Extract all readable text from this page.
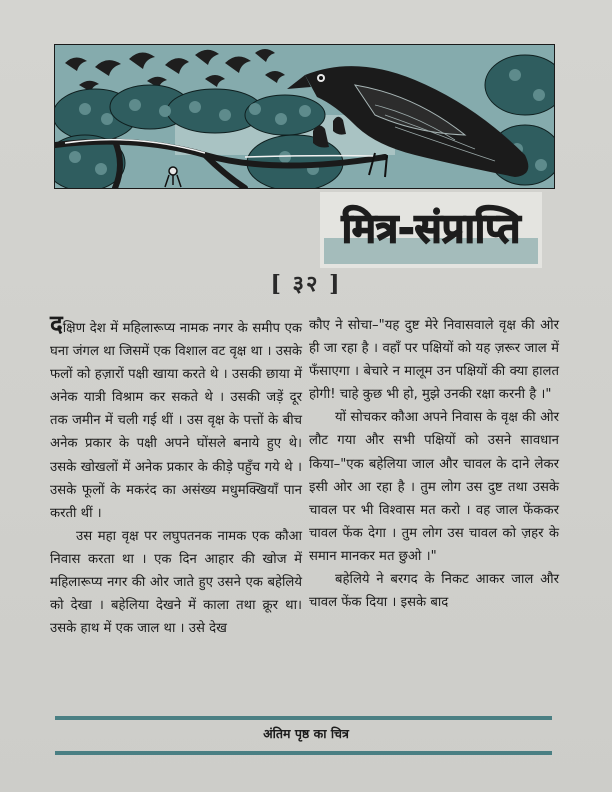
मित्र-संप्राप्ति
[ ३२ ]

दक्षिण देश में महिलारूप्य नामक नगर के समीप एक घना जंगल था जिसमें एक विशाल वट वृक्ष था । उसके फलों को हज़ारों पक्षी खाया करते थे । उसकी छाया में अनेक यात्री विश्राम कर सकते थे । उसकी जड़ें दूर तक जमीन में चली गई थीं । उस वृक्ष के पत्तों के बीच अनेक प्रकार के पक्षी अपने घोंसले बनाये हुए थे। उसके खोखलों में अनेक प्रकार के कीड़े पहुँच गये थे । उसके फूलों के मकरंद का असंख्य मधुमक्खियाँ पान करती थीं ।

उस महा वृक्ष पर लघुपतनक नामक एक कौआ निवास करता था । एक दिन आहार की खोज में महिलारूप्य नगर की ओर जाते हुए उसने एक बहेलिये को देखा । बहेलिया देखने में काला तथा क्रूर था। उसके हाथ में एक जाल था । उसे देख

कौए ने सोचा–"यह दुष्ट मेरे निवासवाले वृक्ष की ओर ही जा रहा है । वहाँ पर पक्षियों को यह ज़रूर जाल में फँसाएगा । बेचारे न मालूम उन पक्षियों की क्या हालत होगी! चाहे कुछ भी हो, मुझे उनकी रक्षा करनी है ।"

यों सोचकर कौआ अपने निवास के वृक्ष की ओर लौट गया और सभी पक्षियों को उसने सावधान किया–"एक बहेलिया जाल और चावल के दाने लेकर इसी ओर आ रहा है । तुम लोग उस दुष्ट तथा उसके चावल पर भी विश्वास मत करो । वह जाल फेंककर चावल फेंक देगा । तुम लोग उस चावल को ज़हर के समान मानकर मत छुओ ।"

बहेलिये ने बरगद के निकट आकर जाल और चावल फेंक दिया । इसके बाद

अंतिम पृष्ठ का चित्र
